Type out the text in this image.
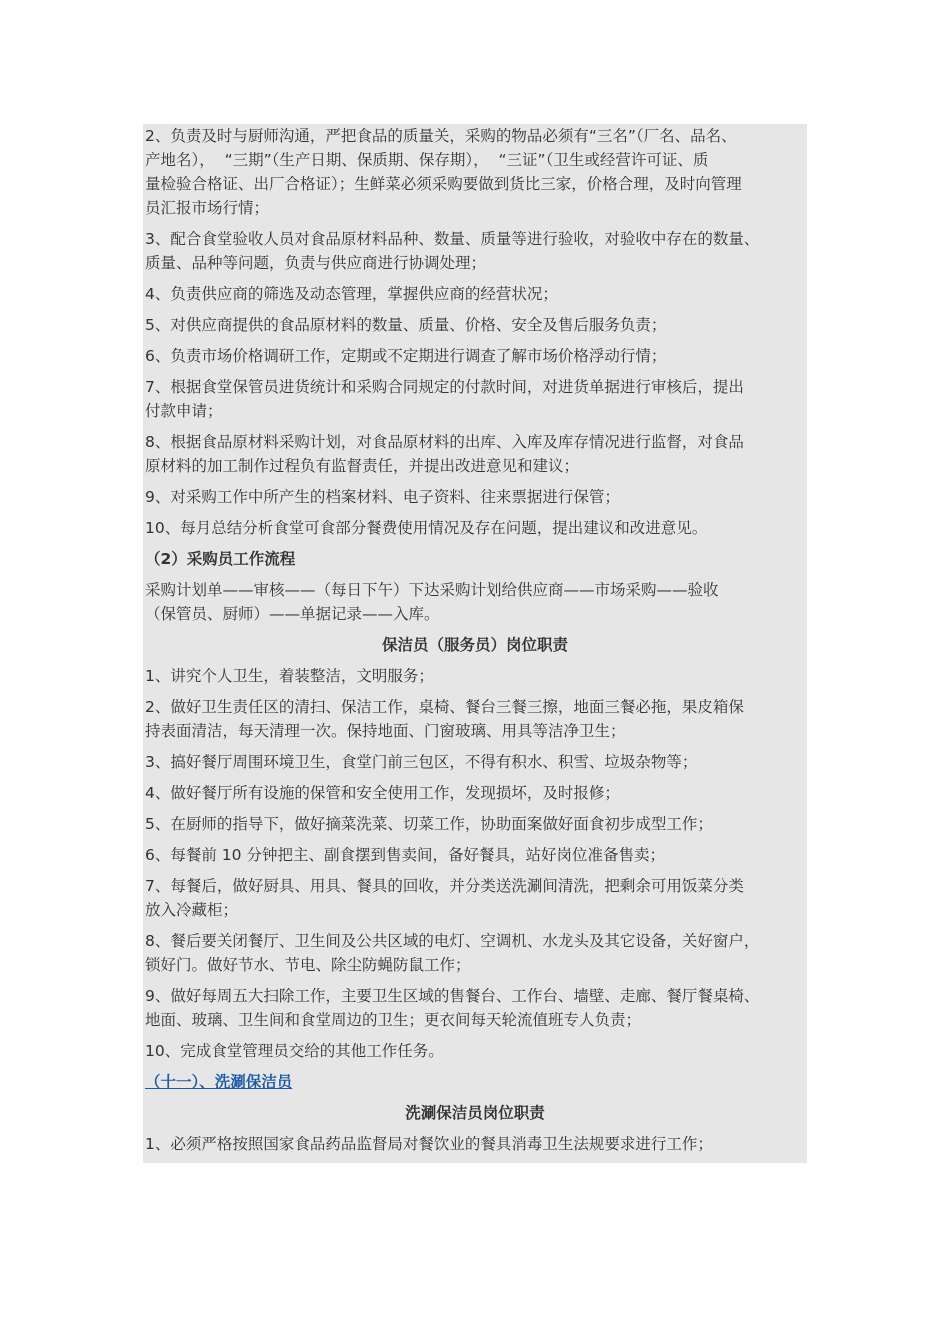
2、负责及时与厨师沟通，严把食品的质量关，采购的物品必须有“三名”（厂名、品名、
产地名），  “三期”（生产日期、保质期、保存期），  “三证”（卫生或经营许可证、质
量检验合格证、出厂合格证）；生鲜菜必须采购要做到货比三家，价格合理，及时向管理
员汇报市场行情；

3、配合食堂验收人员对食品原材料品种、数量、质量等进行验收，对验收中存在的数量、
质量、品种等问题，负责与供应商进行协调处理；

4、负责供应商的筛选及动态管理，掌握供应商的经营状况；

5、对供应商提供的食品原材料的数量、质量、价格、安全及售后服务负责；

6、负责市场价格调研工作，定期或不定期进行调查了解市场价格浮动行情；

7、根据食堂保管员进货统计和采购合同规定的付款时间，对进货单据进行审核后，提出
付款申请；

8、根据食品原材料采购计划，对食品原材料的出库、入库及库存情况进行监督，对食品
原材料的加工制作过程负有监督责任，并提出改进意见和建议；

9、对采购工作中所产生的档案材料、电子资料、往来票据进行保管；

10、每月总结分析食堂可食部分餐费使用情况及存在问题，提出建议和改进意见。

（2）采购员工作流程

采购计划单——审核——（每日下午）下达采购计划给供应商——市场采购——验收
（保管员、厨师）——单据记录——入库。

保洁员（服务员）岗位职责

1、讲究个人卫生，着装整洁，文明服务；

2、做好卫生责任区的清扫、保洁工作，桌椅、餐台三餐三擦，地面三餐必拖，果皮箱保
持表面清洁，每天清理一次。保持地面、门窗玻璃、用具等洁净卫生；

3、搞好餐厅周围环境卫生，食堂门前三包区，不得有积水、积雪、垃圾杂物等；

4、做好餐厅所有设施的保管和安全使用工作，发现损坏，及时报修；

5、在厨师的指导下，做好摘菜洗菜、切菜工作，协助面案做好面食初步成型工作；

6、每餐前 10 分钟把主、副食摆到售卖间，备好餐具，站好岗位准备售卖；

7、每餐后，做好厨具、用具、餐具的回收，并分类送洗涮间清洗，把剩余可用饭菜分类
放入冷藏柜；

8、餐后要关闭餐厅、卫生间及公共区域的电灯、空调机、水龙头及其它设备，关好窗户，
锁好门。做好节水、节电、除尘防蝇防鼠工作；

9、做好每周五大扫除工作，主要卫生区域的售餐台、工作台、墙壁、走廊、餐厅餐桌椅、
地面、玻璃、卫生间和食堂周边的卫生；更衣间每天轮流值班专人负责；

10、完成食堂管理员交给的其他工作任务。

（十一）、洗涮保洁员

洗涮保洁员岗位职责

1、必须严格按照国家食品药品监督局对餐饮业的餐具消毒卫生法规要求进行工作；
